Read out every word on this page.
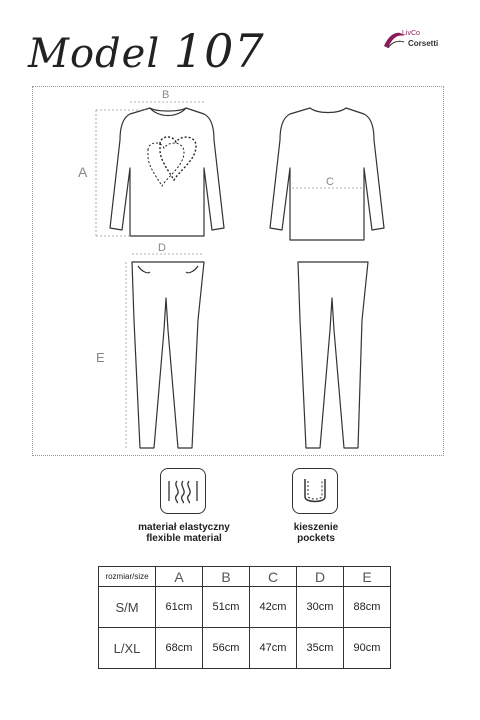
Model 107	LivCo
Corsetti
B
A
C
D
E
materiał elastyczny
flexible material
kieszenie
pockets
rozmiar/size	A	B	C	D	E
S/M	61cm	51cm	42cm	30cm	88cm
L/XL	68cm	56cm	47cm	35cm	90cm
